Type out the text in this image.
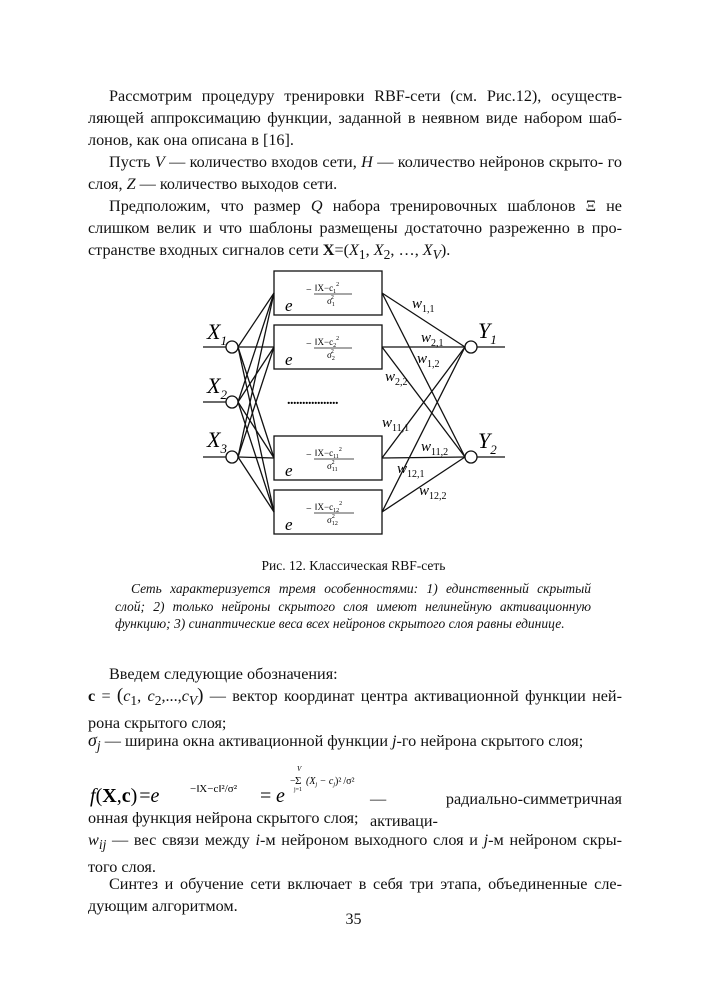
Рассмотрим процедуру тренировки RBF-сети (см. Рис.12), осуществ- ляющей аппроксимацию функции, заданной в неявном виде набором шаб- лонов, как она описана в [16].

Пусть V — количество входов сети, H — количество нейронов скрыто- го слоя, Z — количество выходов сети.

Предположим, что размер Q набора тренировочных шаблонов Ξ не слишком велик и что шаблоны размещены достаточно разреженно в про- странстве входных сигналов сети $X=(X_1$, $X_2$, …, $X_V$).

$X_1$
$X_2$
$X_3$
$Y_1$
$Y_2$
e
− $‖X-c_1^2$
$\sigma_12$
e
− $‖X-c_2^2$
$\sigma_22$
e
− $‖X-c_{11}^2$
$\sigma_{11}2$
e
− $‖X-c_{12}^2$
$\sigma_{12}2$
.................
$w_{1,1}$
$w_{2,1}$
$w_{1,2}$
$w_{2,2}$
$w_{11,1}$
$w_{11,2}$
$w_{12,1}$
$w_{12,2}$
Рис. 12. Классическая RBF-сеть

Сеть характеризуется тремя особенностями: 1) единственный скрытый слой; 2) только нейроны скрытого слоя имеют нелинейную активационную функцию; 3) синаптические веса всех нейронов скрытого слоя равны единице.

Введем следующие обозначения:

$c = (c_1$, $c_2,...,c_V$) — вектор координат центра активационной функции ней- рона скрытого слоя;

$\sigma_j$ — ширина окна активационной функции j-го нейрона скрытого слоя;

f(X,c) =e	−‖X−c‖²/σ² = e
−
V
Σ
j=1
$(X_j - c_j)^2$ /σ²
— радиально-симметричная активаци-

онная функция нейрона скрытого слоя;

$w_{ij}$ — вес связи между i-м нейроном выходного слоя и j-м нейроном скры- того слоя.

Синтез и обучение сети включает в себя три этапа, объединенные сле- дующим алгоритмом.

35
